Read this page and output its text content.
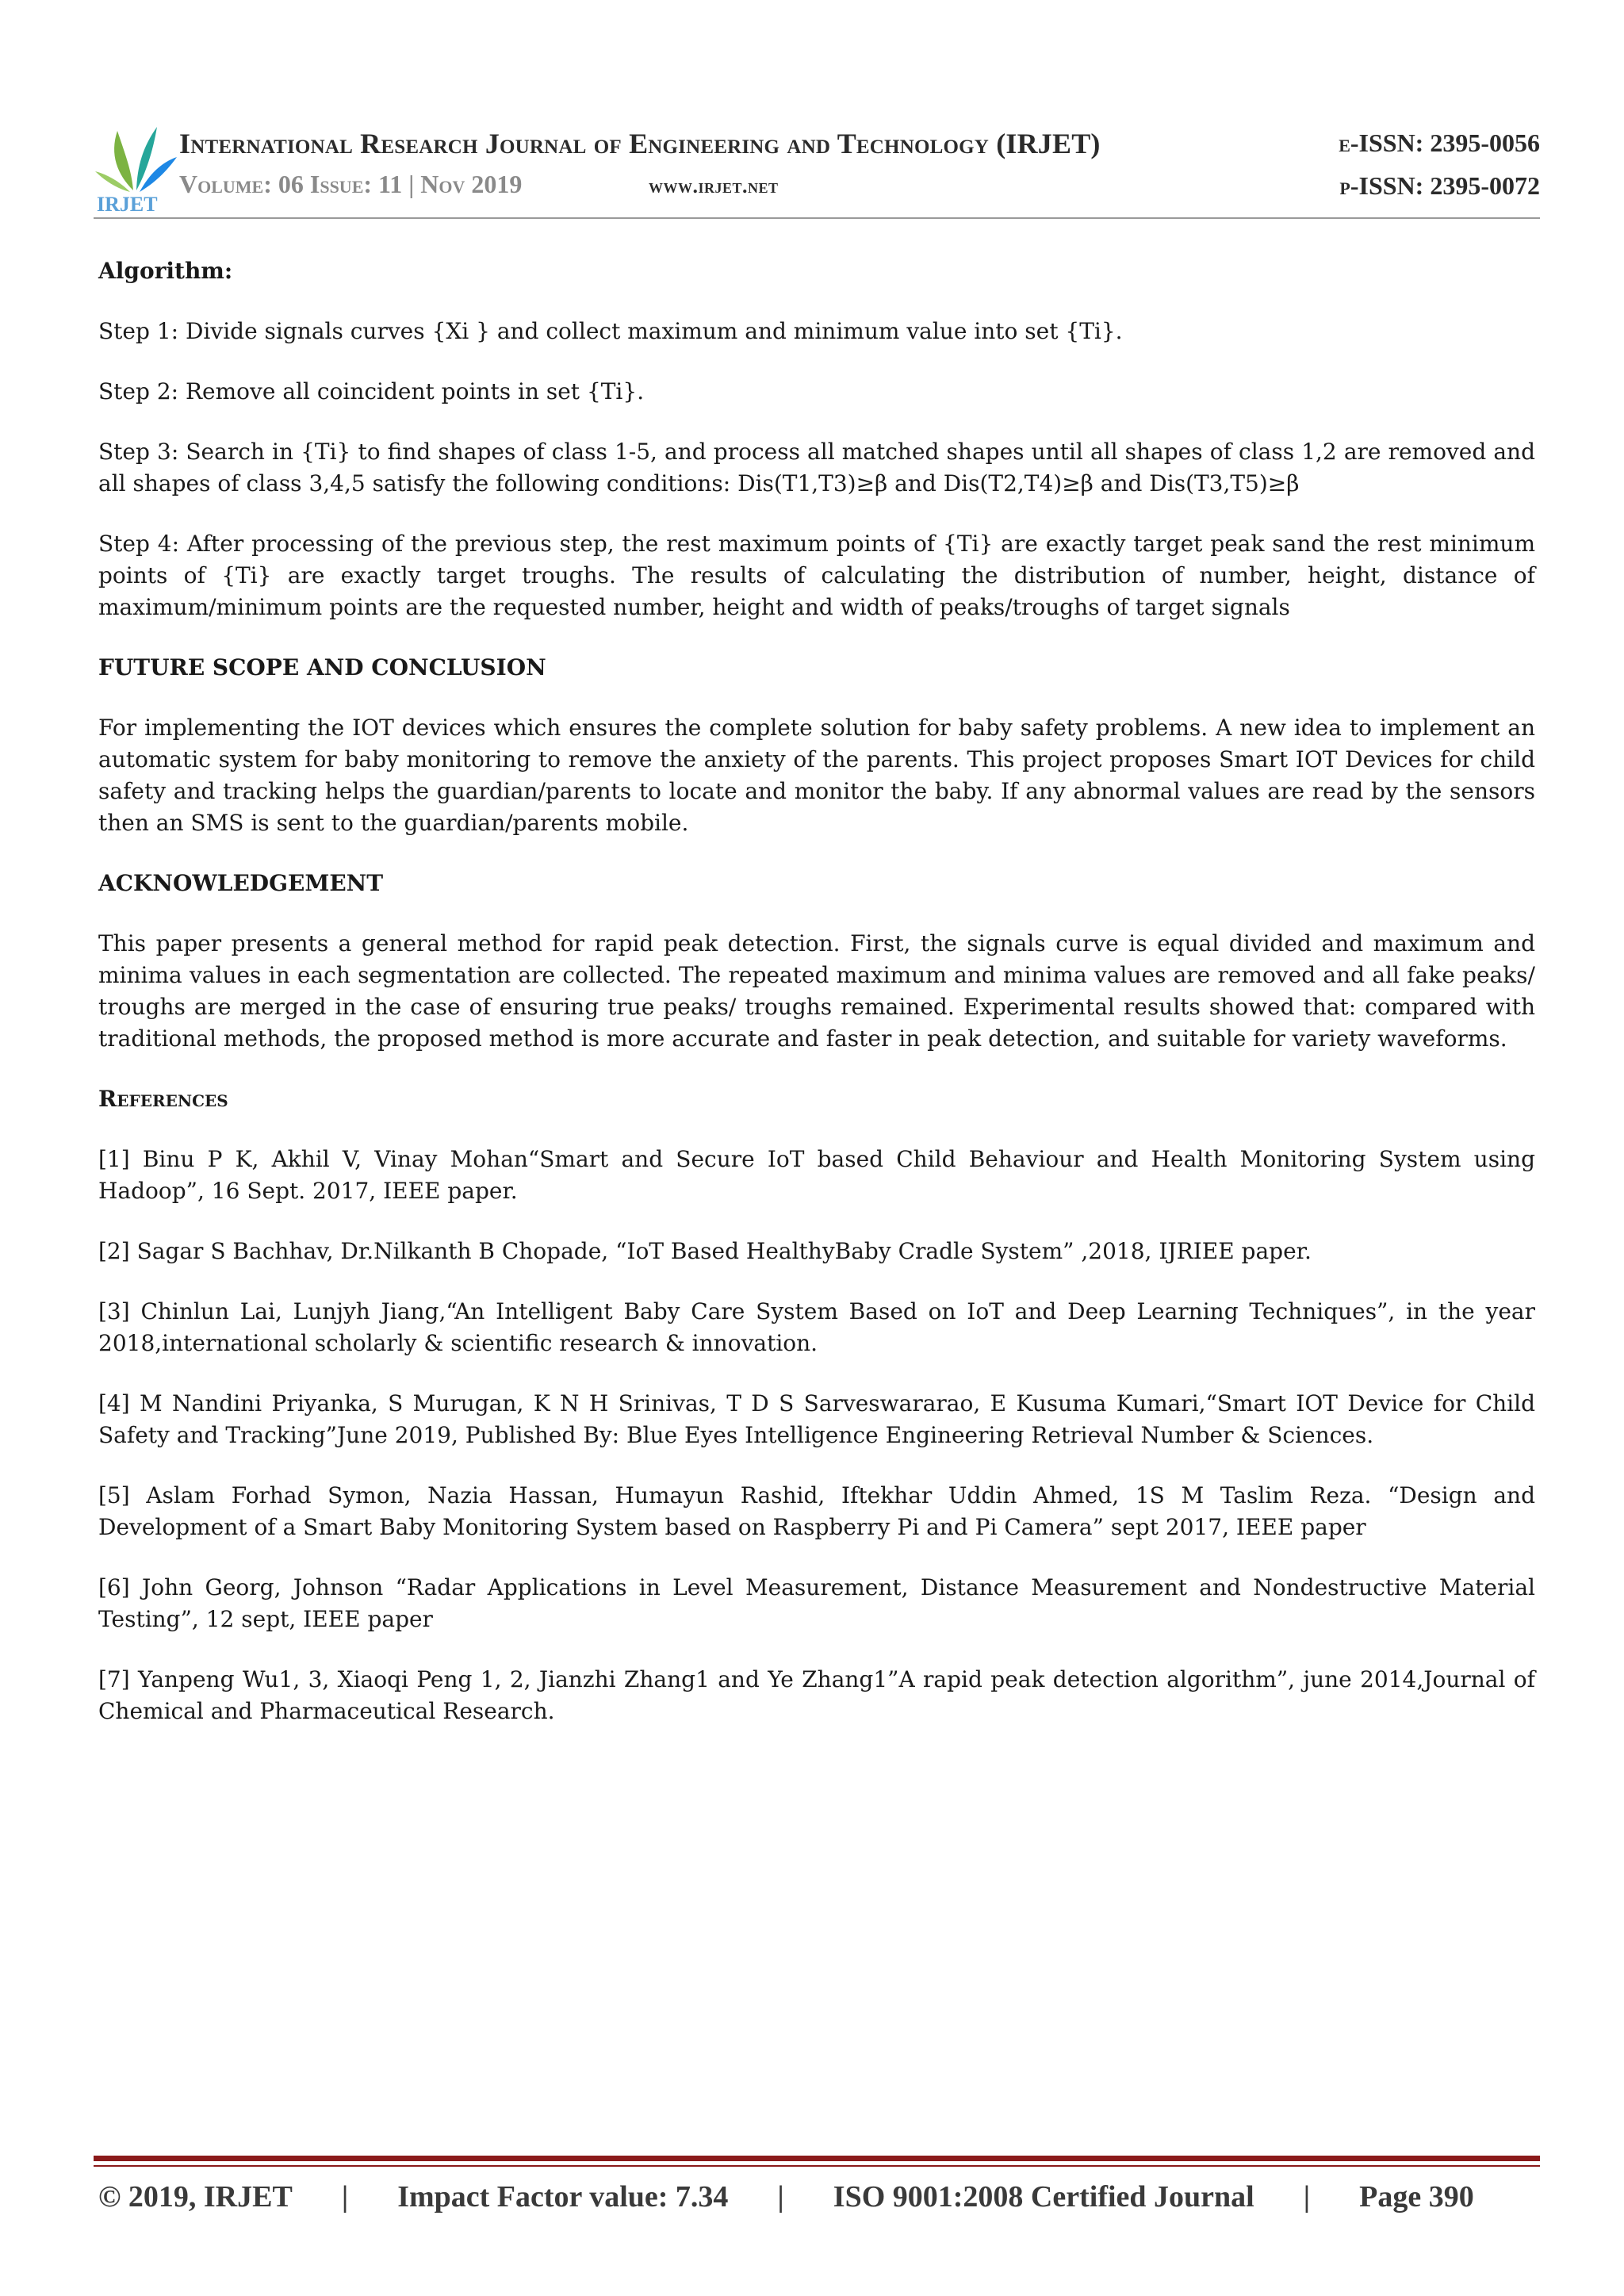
IRJET
International Research Journal of Engineering and Technology (IRJET)
Volume: 06 Issue: 11 | Nov 2019	www.irjet.net
e-ISSN: 2395-0056
p-ISSN: 2395-0072

Algorithm:

Step 1: Divide signals curves {Xi } and collect maximum and minimum value into set {Ti}.

Step 2: Remove all coincident points in set {Ti}.

Step 3: Search in {Ti} to find shapes of class 1-5, and process all matched shapes until all shapes of class 1,2 are removed and all shapes of class 3,4,5 satisfy the following conditions: Dis(T1,T3)≥β and Dis(T2,T4)≥β and Dis(T3,T5)≥β

Step 4: After processing of the previous step, the rest maximum points of {Ti} are exactly target peak sand the rest minimum points of {Ti} are exactly target troughs. The results of calculating the distribution of number, height, distance of maximum/minimum points are the requested number, height and width of peaks/troughs of target signals

FUTURE SCOPE AND CONCLUSION

For implementing the IOT devices which ensures the complete solution for baby safety problems. A new idea to implement an automatic system for baby monitoring to remove the anxiety of the parents. This project proposes Smart IOT Devices for child safety and tracking helps the guardian/parents to locate and monitor the baby. If any abnormal values are read by the sensors then an SMS is sent to the guardian/parents mobile.

ACKNOWLEDGEMENT

This paper presents a general method for rapid peak detection. First, the signals curve is equal divided and maximum and minima values in each segmentation are collected. The repeated maximum and minima values are removed and all fake peaks/ troughs are merged in the case of ensuring true peaks/ troughs remained. Experimental results showed that: compared with traditional methods, the proposed method is more accurate and faster in peak detection, and suitable for variety waveforms.

References

[1] Binu P K, Akhil V, Vinay Mohan“Smart and Secure IoT based Child Behaviour and Health Monitoring System using Hadoop”, 16 Sept. 2017, IEEE paper.

[2] Sagar S Bachhav, Dr.Nilkanth B Chopade, “IoT Based HealthyBaby Cradle System” ,2018, IJRIEE paper.

[3] Chinlun Lai, Lunjyh Jiang,“An Intelligent Baby Care System Based on IoT and Deep Learning Techniques”, in the year 2018,international scholarly & scientific research & innovation.

[4] M Nandini Priyanka, S Murugan, K N H Srinivas, T D S Sarveswararao, E Kusuma Kumari,“Smart IOT Device for Child Safety and Tracking”June 2019, Published By: Blue Eyes Intelligence Engineering Retrieval Number & Sciences.

[5] Aslam Forhad Symon, Nazia Hassan, Humayun Rashid, Iftekhar Uddin Ahmed, 1S M Taslim Reza. “Design and Development of a Smart Baby Monitoring System based on Raspberry Pi and Pi Camera” sept 2017, IEEE paper

[6] John Georg, Johnson “Radar Applications in Level Measurement, Distance Measurement and Nondestructive Material Testing”, 12 sept, IEEE paper

[7] Yanpeng Wu1, 3, Xiaoqi Peng 1, 2, Jianzhi Zhang1 and Ye Zhang1”A rapid peak detection algorithm”, june 2014,Journal of Chemical and Pharmaceutical Research.

© 2019, IRJET | Impact Factor value: 7.34 | ISO 9001:2008 Certified Journal | Page 390
